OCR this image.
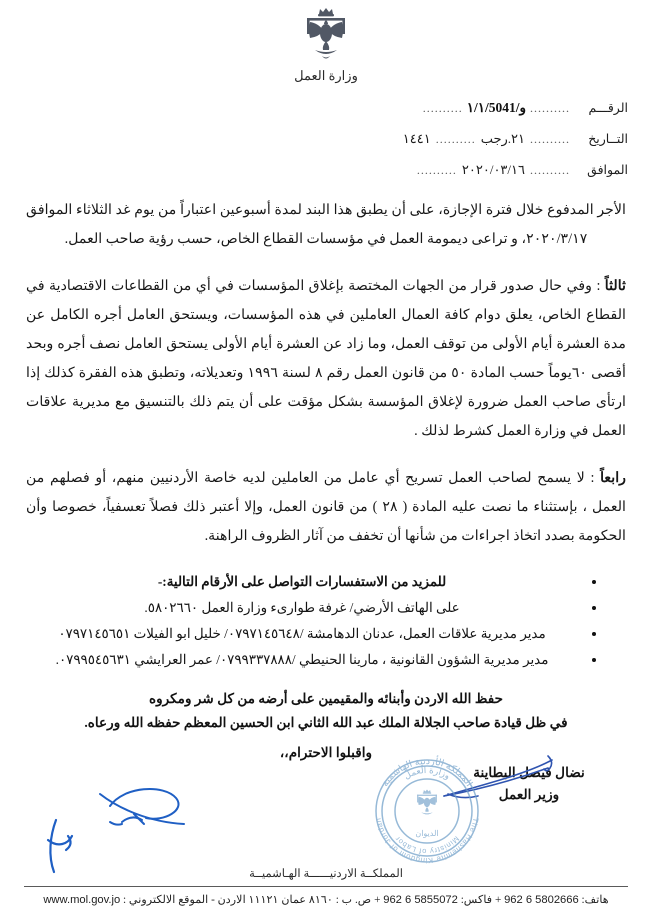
وزارة العمل
الرقـــم
..........
و/١/١/5041
..........
التــاريخ
..........
٢١.رجب
..........
١٤٤١
الموافق
..........
٢٠٢٠/٠٣/١٦
..........

الأجر المدفوع خلال فترة الإجازة، على أن يطبق هذا البند لمدة أسبوعين اعتباراً من يوم غد الثلاثاء الموافق ٢٠٢٠/٣/١٧، و تراعى ديمومة العمل في مؤسسات القطاع الخاص، حسب رؤية صاحب العمل.

ثالثاً : وفي حال صدور قرار من الجهات المختصة بإغلاق المؤسسات في أي من القطاعات الاقتصادية في القطاع الخاص، يعلق دوام كافة العمال العاملين في هذه المؤسسات، ويستحق العامل أجره الكامل عن مدة العشرة أيام الأولى من توقف العمل، وما زاد عن العشرة أيام الأولى يستحق العامل نصف أجره وبحد أقصى ٦٠يوماً حسب المادة ٥٠ من قانون العمل رقم ٨ لسنة ١٩٩٦ وتعديلاته، وتطبق هذه الفقرة كذلك إذا ارتأى صاحب العمل ضرورة لإغلاق المؤسسة بشكل مؤقت على أن يتم ذلك بالتنسيق مع مديرية علاقات العمل في وزارة العمل كشرط لذلك .

رابعاً : لا يسمح لصاحب العمل تسريح أي عامل من العاملين لديه خاصة الأردنيين منهم، أو فصلهم من العمل ، بإستثناء ما نصت عليه المادة ( ٢٨ ) من قانون العمل، وإلا أعتبر ذلك فصلاً تعسفياً، خصوصا وأن الحكومة بصدد اتخاذ اجراءات من شأنها أن تخفف من آثار الظروف الراهنة.

للمزيد من الاستفسارات التواصل على الأرقام التالية:-
على الهاتف الأرضي/ غرفة طوارىء وزارة العمل ٥٨٠٢٦٦٠.
مدير مديرية علاقات العمل، عدنان الدهامشة /٠٧٩٧١٤٥٦٤٨/ خليل ابو الفيلات ٠٧٩٧١٤٥٦٥١
مدير مديرية الشؤون القانونية ، مارينا الحنيطي /٠٧٩٩٣٣٧٨٨٨/ عمر العرايشي ٠٧٩٩٥٤٥٦٣١.
حفظ الله الاردن وأبنائه والمقيمين على أرضه من كل شر ومكروه
في ظل قيادة صاحب الجلالة الملك عبد الله الثاني ابن الحسين المعظم حفظه الله ورعاه.
واقبلوا الاحترام،،
نضال فيصل البطاينة
وزير العمل
المملكة الأردنية الهاشمية
وزارة العمل
The Hashemite Kingdom of Jordan
Ministry of Labor
الديوان
المملكــة الاردنيــــــة الهـاشميــة
هاتف: 962 6 5802666 + فاكس: 962 6 5855072 + ص. ب : ٨١٦٠ عمان ١١١٢١ الاردن - الموقع الالكتروني : www.mol.gov.jo
